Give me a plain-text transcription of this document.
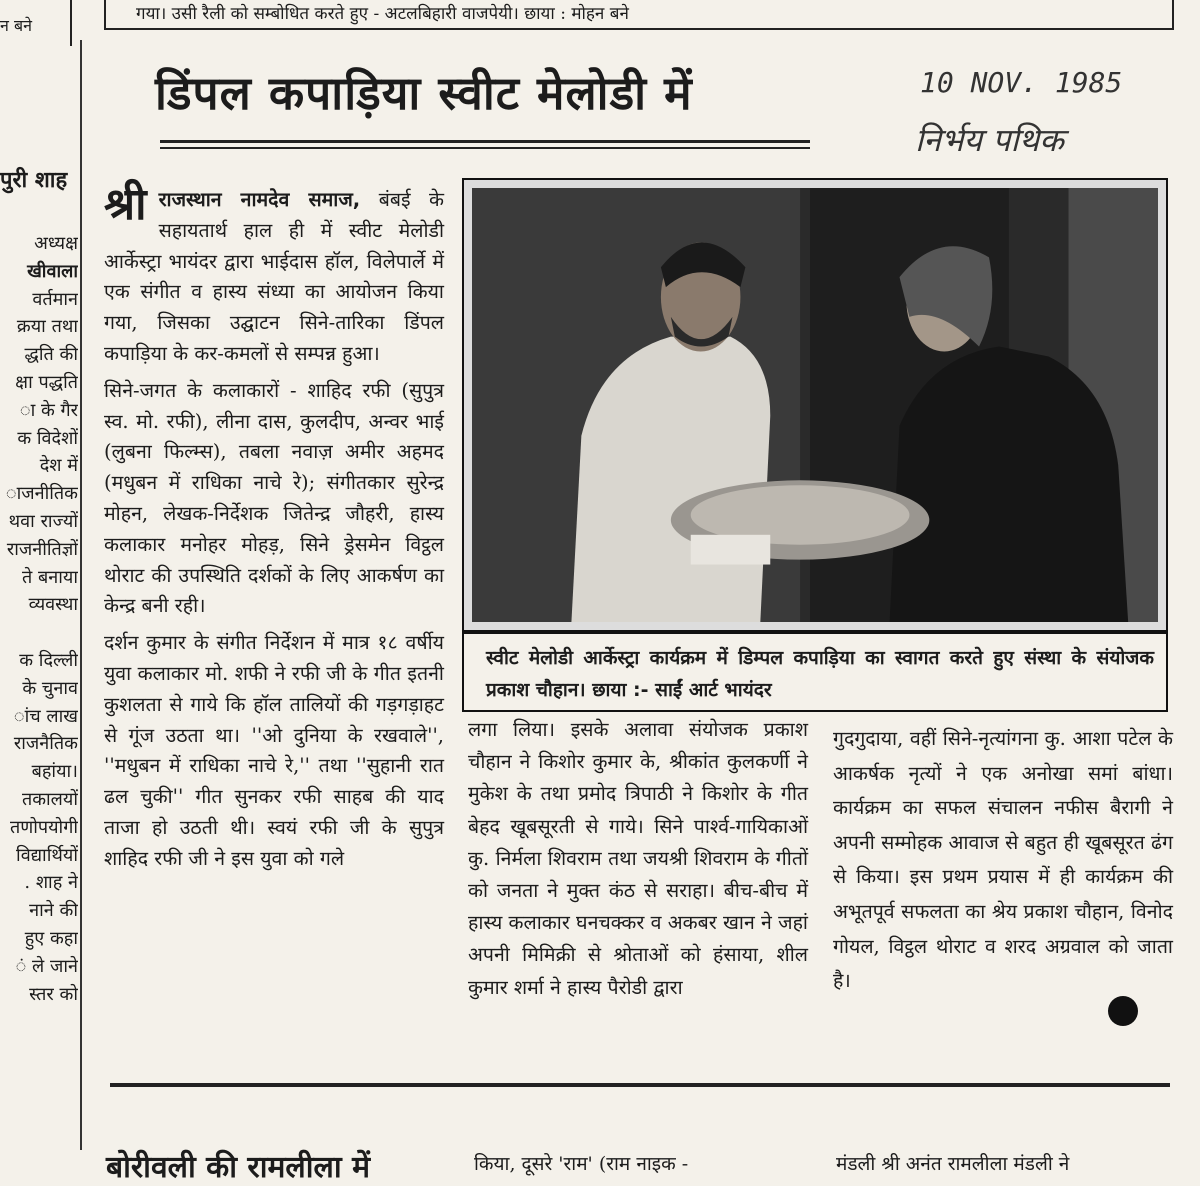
न बने
गया। उसी रैली को सम्बोधित करते हुए - अटलबिहारी वाजपेयी। छाया : मोहन बने
डिंपल कपाड़िया स्वीट मेलोडी में	10 NOV. 1985
निर्भय पथिक
पुरी शाह
अध्यक्ष
खीवाला
वर्तमान
क्रया तथा
द्धति की
क्षा पद्धति
ा के गैर
क विदेशों
देश में
ाजनीतिक
थवा राज्यों
राजनीतिज्ञों
ते बनाया
व्यवस्था

क दिल्ली
के चुनाव
ांच लाख
राजनैतिक
बहांया।
तकालयों
तणोपयोगी
विद्यार्थियों
. शाह ने
नाने की
हुए कहा
ं ले जाने
स्तर को

श्री राजस्थान नामदेव समाज, बंबई के सहायतार्थ हाल ही में स्वीट मेलोडी आर्केस्ट्रा भायंदर द्वारा भाईदास हॉल, विलेपार्ले में एक संगीत व हास्य संध्या का आयोजन किया गया, जिसका उद्घाटन सिने-तारिका डिंपल कपाड़िया के कर-कमलों से सम्पन्न हुआ।

सिने-जगत के कलाकारों - शाहिद रफी (सुपुत्र स्व. मो. रफी), लीना दास, कुलदीप, अन्वर भाई (लुबना फिल्म्स), तबला नवाज़ अमीर अहमद (मधुबन में राधिका नाचे रे); संगीतकार सुरेन्द्र मोहन, लेखक-निर्देशक जितेन्द्र जौहरी, हास्य कलाकार मनोहर मोहड़, सिने ड्रेसमेन विट्ठल थोराट की उपस्थिति दर्शकों के लिए आकर्षण का केन्द्र बनी रही।

दर्शन कुमार के संगीत निर्देशन में मात्र १८ वर्षीय युवा कलाकार मो. शफी ने रफी जी के गीत इतनी कुशलता से गाये कि हॉल तालियों की गड़गड़ाहट से गूंज उठता था। ''ओ दुनिया के रखवाले'', ''मधुबन में राधिका नाचे रे,'' तथा ''सुहानी रात ढल चुकी'' गीत सुनकर रफी साहब की याद ताजा हो उठती थी। स्वयं रफी जी के सुपुत्र शाहिद रफी जी ने इस युवा को गले

स्वीट मेलोडी आर्केस्ट्रा कार्यक्रम में डिम्पल कपाड़िया का स्वागत करते हुए संस्था के संयोजक प्रकाश चौहान। छाया :- साईं आर्ट भायंदर

लगा लिया। इसके अलावा संयोजक प्रकाश चौहान ने किशोर कुमार के, श्रीकांत कुलकर्णी ने मुकेश के तथा प्रमोद त्रिपाठी ने किशोर के गीत बेहद खूबसूरती से गाये। सिने पार्श्व-गायिकाओं कु. निर्मला शिवराम तथा जयश्री शिवराम के गीतों को जनता ने मुक्त कंठ से सराहा। बीच-बीच में हास्य कलाकार घनचक्कर व अकबर खान ने जहां अपनी मिमिक्री से श्रोताओं को हंसाया, शील कुमार शर्मा ने हास्य पैरोडी द्वारा

गुदगुदाया, वहीं सिने-नृत्यांगना कु. आशा पटेल के आकर्षक नृत्यों ने एक अनोखा समां बांधा। कार्यक्रम का सफल संचालन नफीस बैरागी ने अपनी सम्मोहक आवाज से बहुत ही खूबसूरत ढंग से किया। इस प्रथम प्रयास में ही कार्यक्रम की अभूतपूर्व सफलता का श्रेय प्रकाश चौहान, विनोद गोयल, विट्ठल थोराट व शरद अग्रवाल को जाता है।

बोरीवली की रामलीला में	किया, दूसरे 'राम' (राम नाइक -	मंडली श्री अनंत रामलीला मंडली ने
